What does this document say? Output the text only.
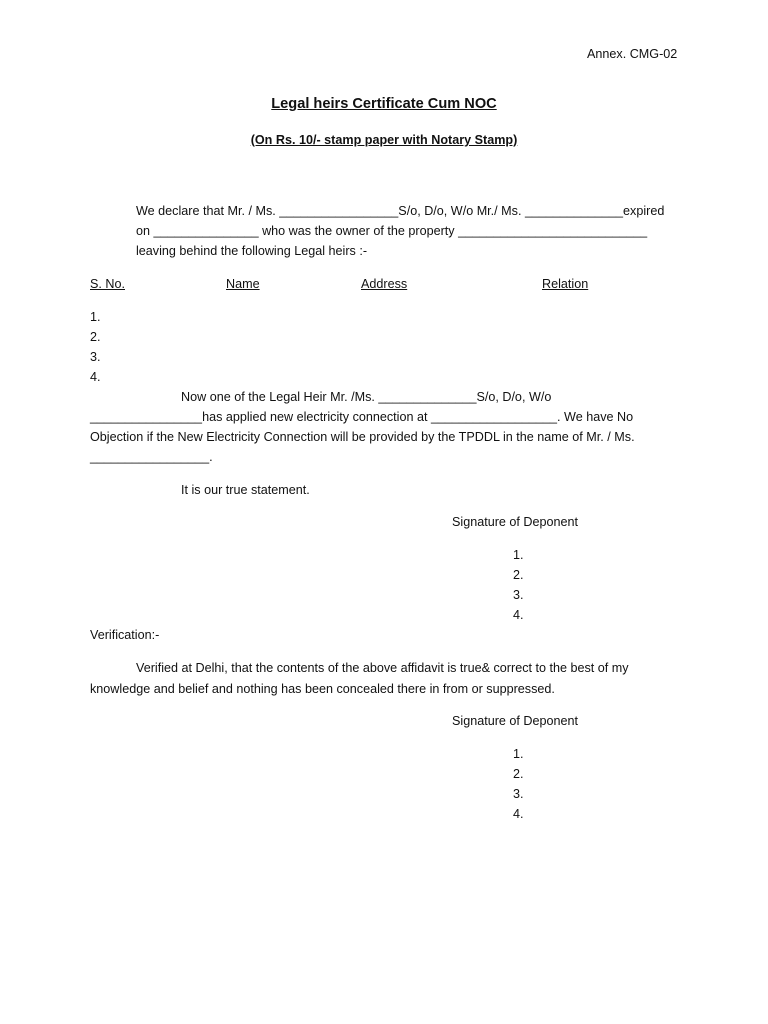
Annex. CMG-02
Legal heirs Certificate Cum NOC
(On Rs. 10/- stamp paper with Notary Stamp)
We declare that Mr. / Ms. _________________S/o, D/o, W/o Mr./ Ms. ______________expired
on _______________ who was the owner of the property ___________________________
leaving behind the following Legal heirs :-
S. No.	Name	Address	Relation
1.
2.
3.
4.
Now one of the Legal Heir Mr. /Ms. ______________S/o, D/o, W/o
________________has applied new electricity connection at __________________. We have No
Objection if the New Electricity Connection will be provided by the TPDDL in the name of Mr. / Ms.
_________________.
It is our true statement.
Signature of Deponent
1.
2.
3.
4.
Verification:-
Verified at Delhi, that the contents of the above affidavit is true& correct to the best of my
knowledge and belief and nothing has been concealed there in from or suppressed.
Signature of Deponent
1.
2.
3.
4.
